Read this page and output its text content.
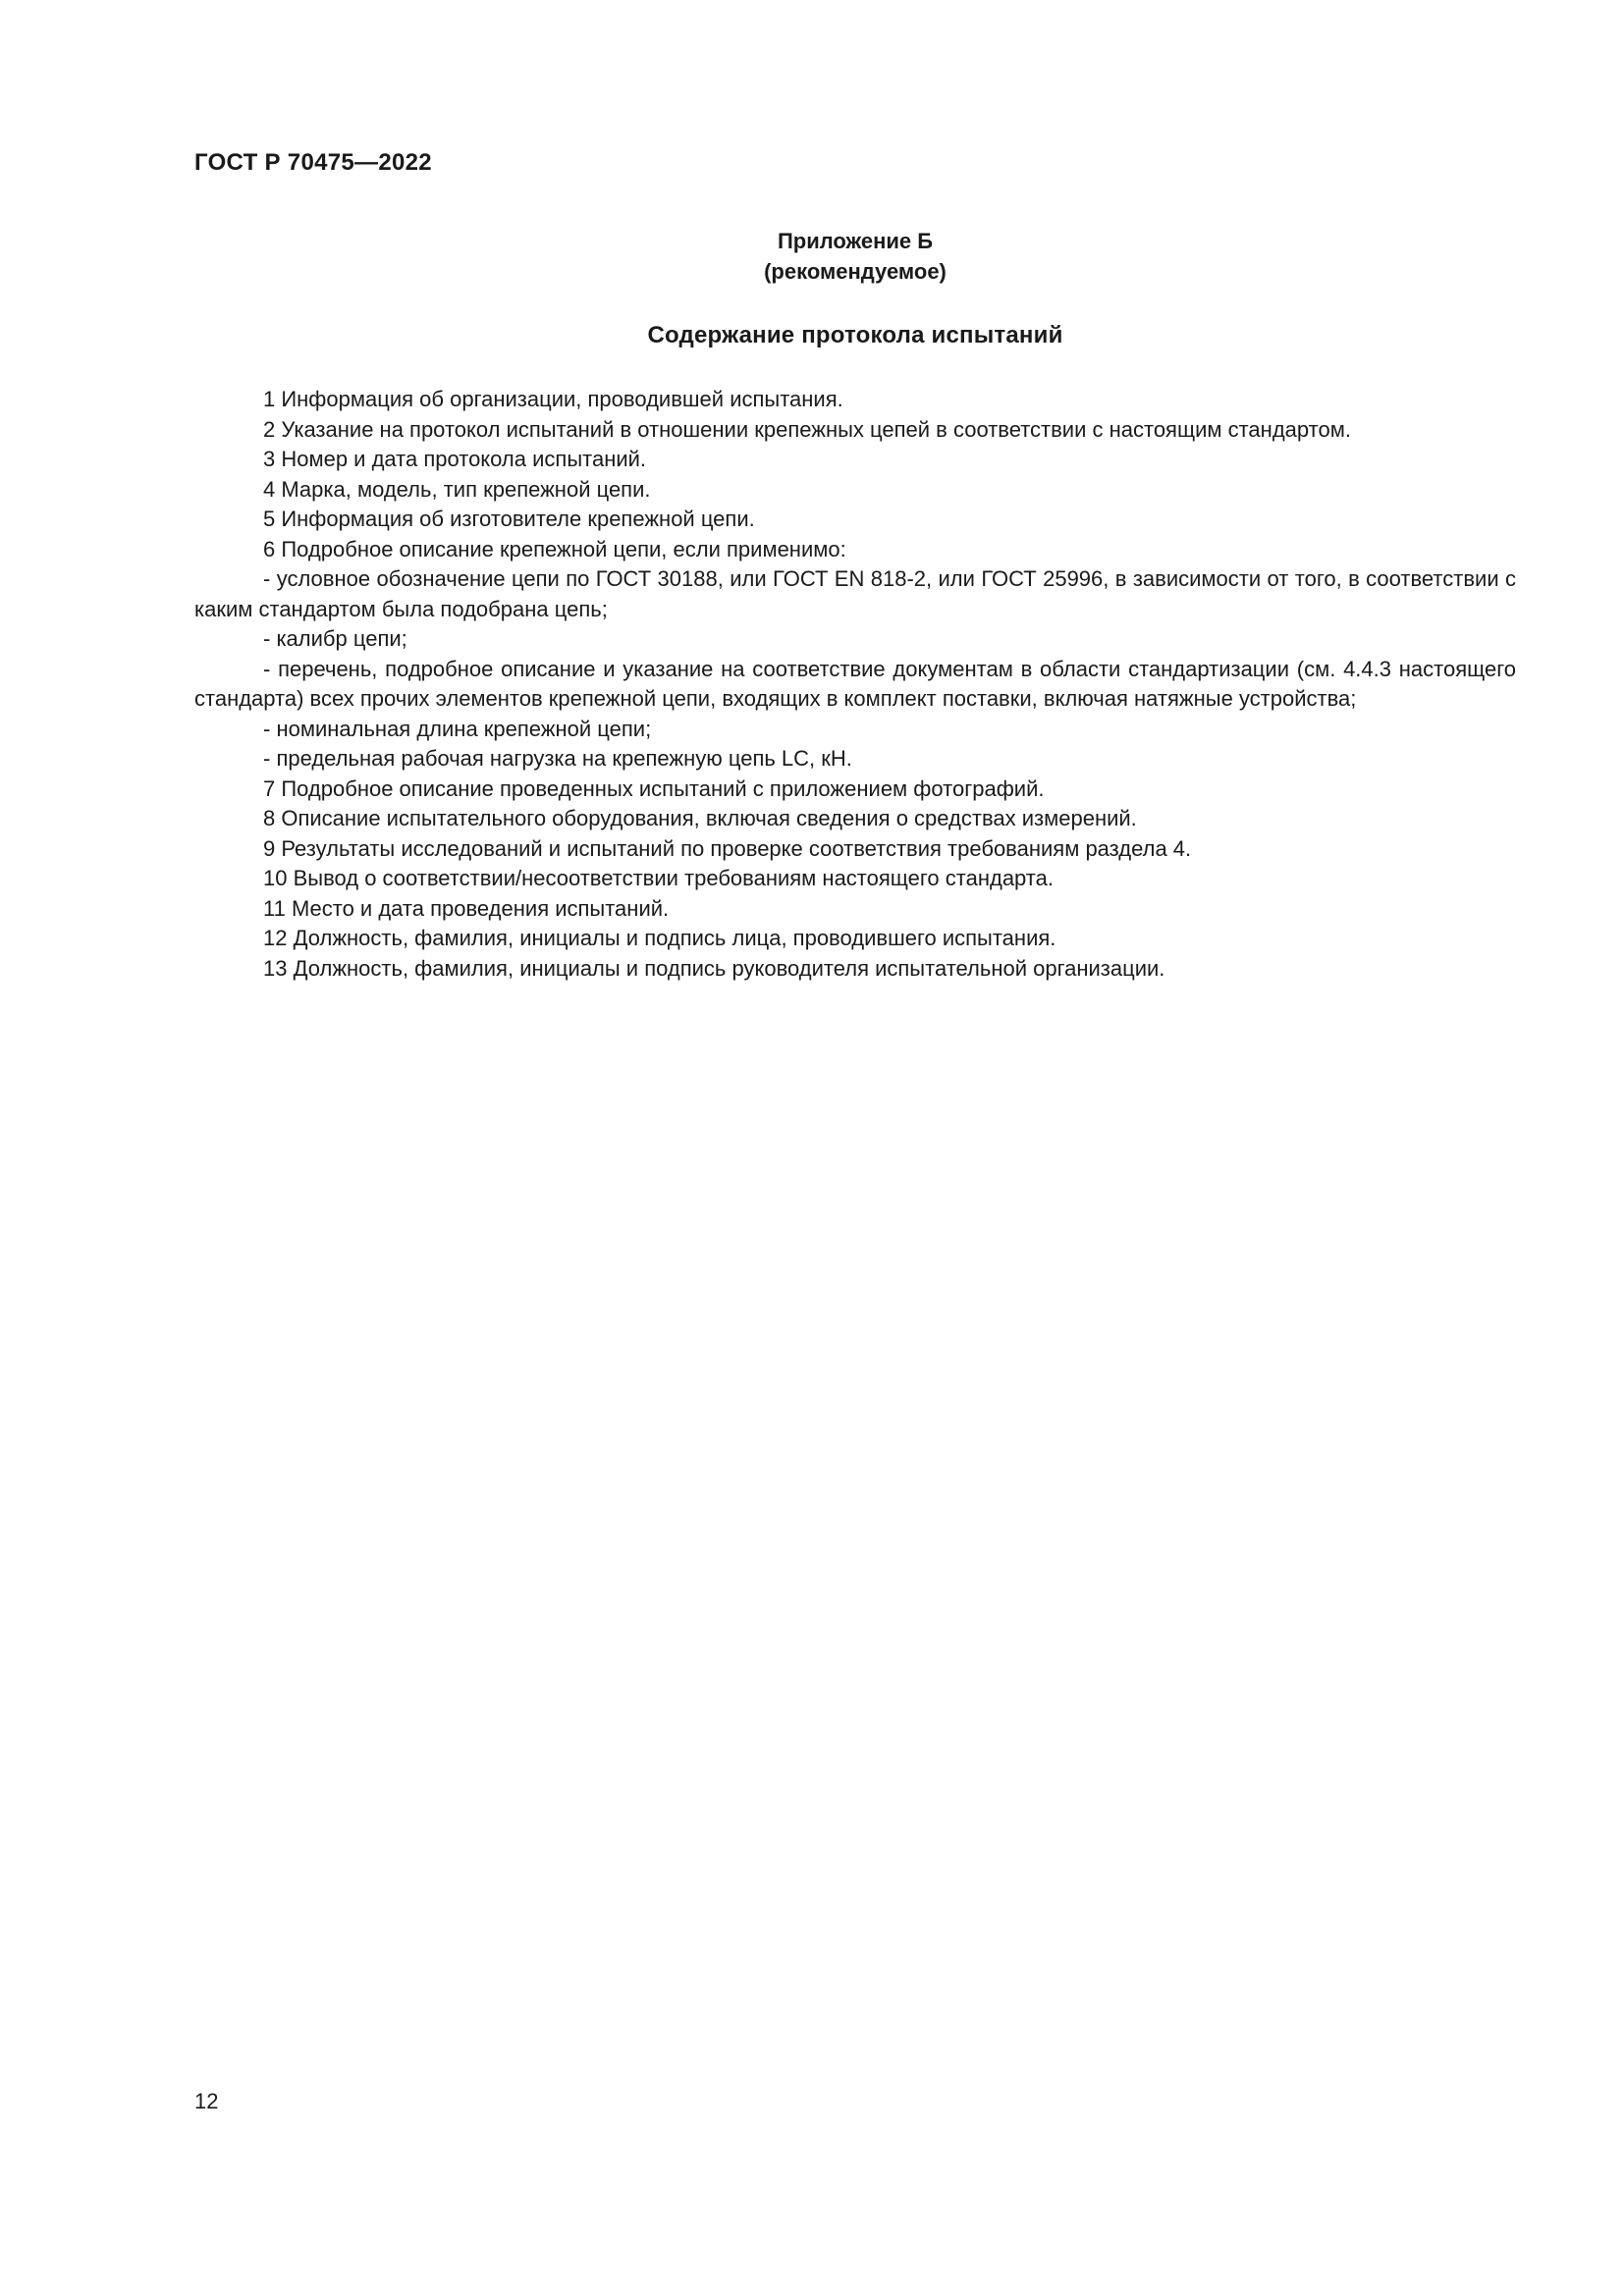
ГОСТ Р 70475—2022
Приложение Б
(рекомендуемое)
Содержание протокола испытаний

1 Информация об организации, проводившей испытания.

2 Указание на протокол испытаний в отношении крепежных цепей в соответствии с настоящим стандартом.

3 Номер и дата протокола испытаний.

4 Марка, модель, тип крепежной цепи.

5 Информация об изготовителе крепежной цепи.

6 Подробное описание крепежной цепи, если применимо:

- условное обозначение цепи по ГОСТ 30188, или ГОСТ EN 818-2, или ГОСТ 25996, в зависимости от того, в соответствии с каким стандартом была подобрана цепь;

- калибр цепи;

- перечень, подробное описание и указание на соответствие документам в области стандартизации (см. 4.4.3 настоящего стандарта) всех прочих элементов крепежной цепи, входящих в комплект поставки, включая натяжные устройства;

- номинальная длина крепежной цепи;

- предельная рабочая нагрузка на крепежную цепь LC, кН.

7 Подробное описание проведенных испытаний с приложением фотографий.

8 Описание испытательного оборудования, включая сведения о средствах измерений.

9 Результаты исследований и испытаний по проверке соответствия требованиям раздела 4.

10 Вывод о соответствии/несоответствии требованиям настоящего стандарта.

11 Место и дата проведения испытаний.

12 Должность, фамилия, инициалы и подпись лица, проводившего испытания.

13 Должность, фамилия, инициалы и подпись руководителя испытательной организации.

12
